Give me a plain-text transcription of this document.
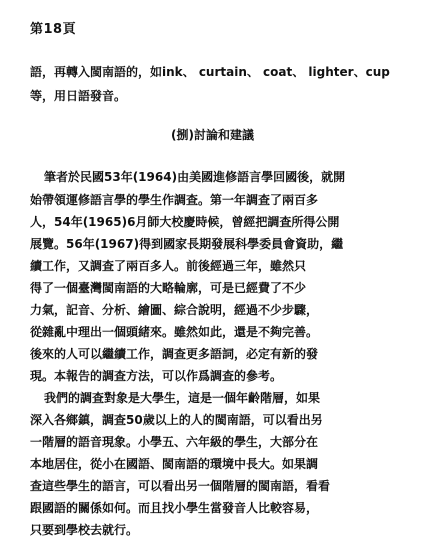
第18頁
語，再轉入閩南語的，如ink、 curtain、 coat、 lighter、cup
等，用日語發音。
(捌)討論和建議
筆者於民國53年(1964)由美國進修語言學回國後，就開
始帶領運修語言學的學生作調查。第一年調查了兩百多
人，54年(1965)6月師大校慶時候，曾經把調查所得公開
展覽。56年(1967)得到國家長期發展科學委員會資助，繼
續工作，又調查了兩百多人。前後經過三年，雖然只
得了一個臺灣閩南語的大略輪廓，可是已經費了不少
力氣，記音、分析、繪圖、綜合說明，經過不少步驟，
從雜亂中理出一個頭緒來。雖然如此，還是不夠完善。
後來的人可以繼續工作，調查更多語詞，必定有新的發
現。本報告的調查方法，可以作爲調查的參考。
我們的調查對象是大學生，這是一個年齡階層，如果
深入各鄉鎮，調查50歲以上的人的閩南語，可以看出另
一階層的語音現象。小學五、六年級的學生，大部分在
本地居住，從小在國語、閩南語的環境中長大。如果調
查這些學生的語言，可以看出另一個階層的閩南語，看看
跟國語的關係如何。而且找小學生當發音人比較容易，
只要到學校去就行。
